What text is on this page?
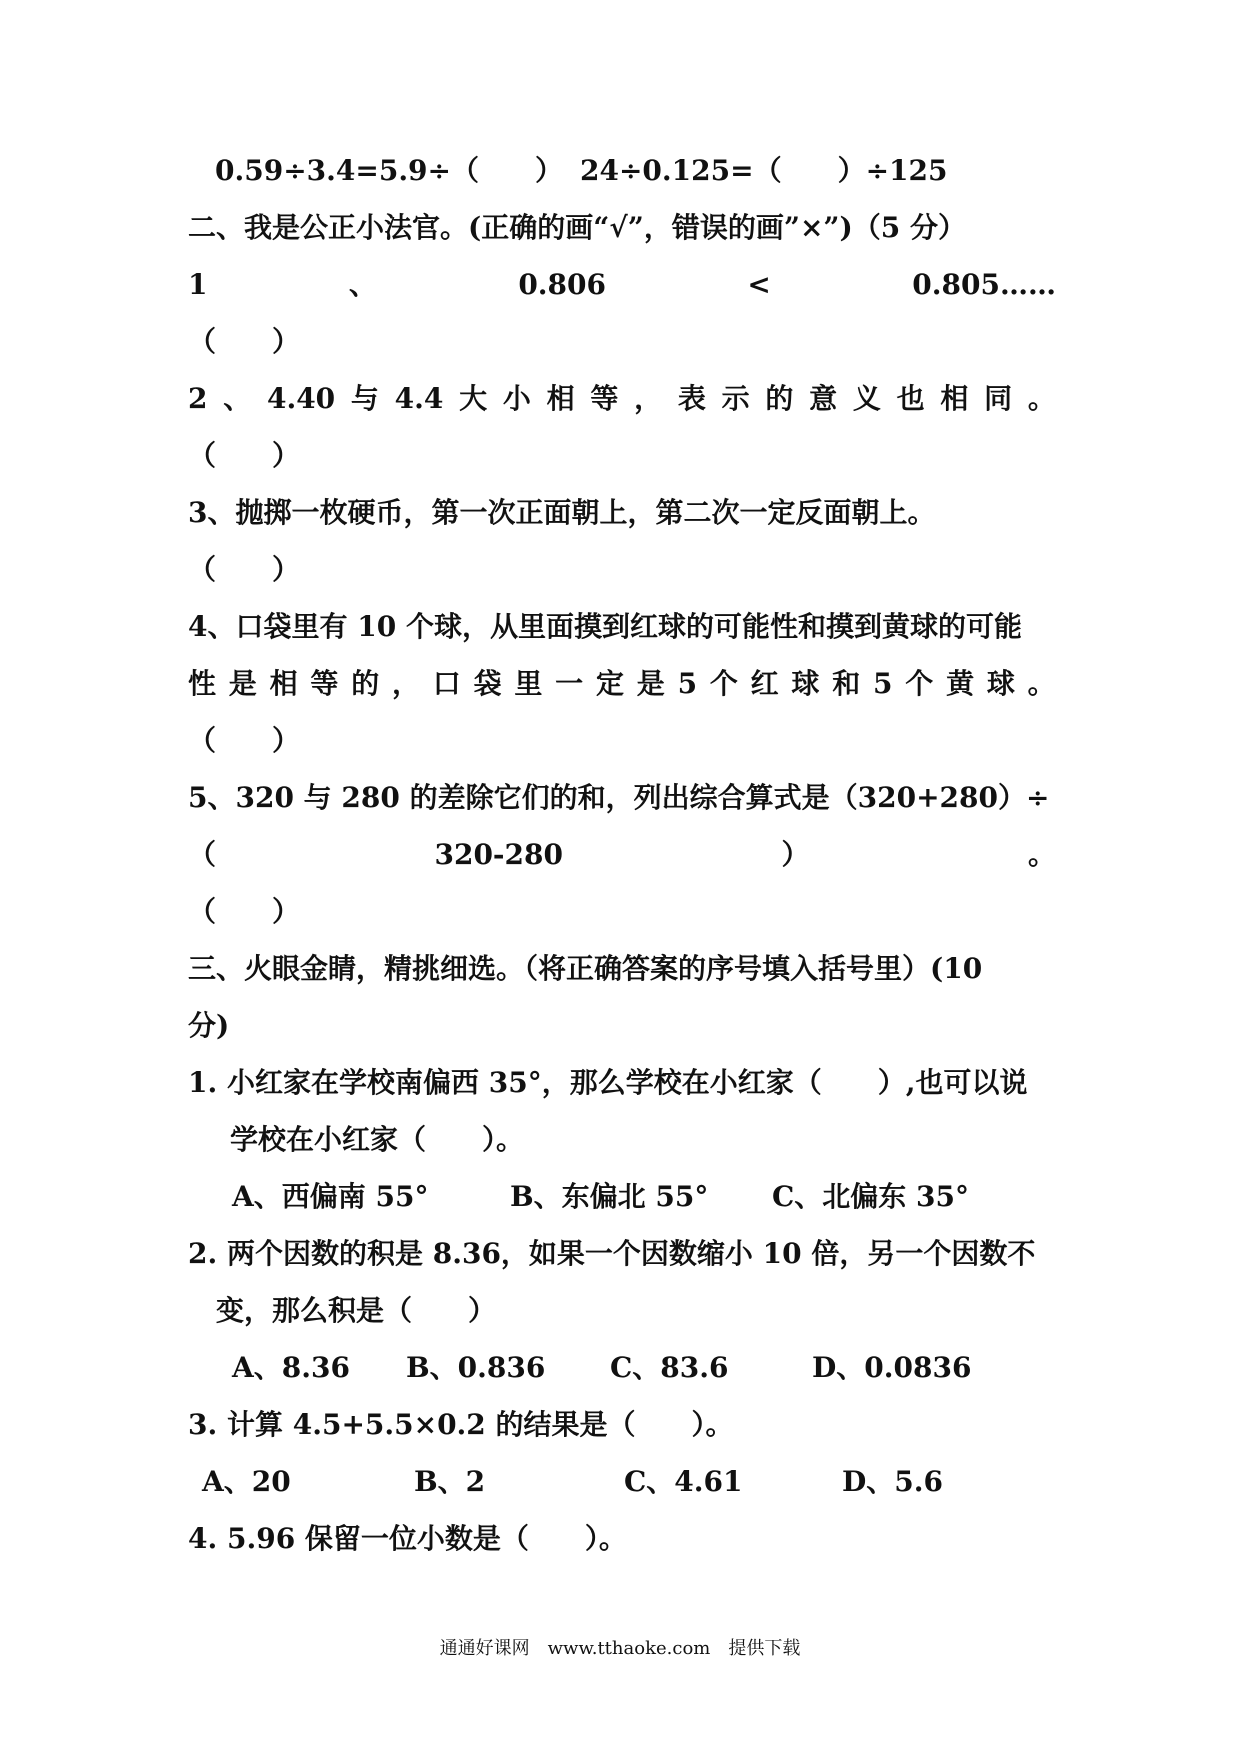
0.59÷3.4=5.9÷（　　） 24÷0.125=（　　）÷125
二、我是公正小法官。(正确的画“√”，错误的画”×”)（5 分）
1	、	0.806	<	0.805……
（　　）
2 、 4.40 与 4.4 大 小 相 等 ， 表 示 的 意 义 也 相 同 。
（　　）
3、抛掷一枚硬币，第一次正面朝上，第二次一定反面朝上。
（　　）
4、口袋里有 10 个球，从里面摸到红球的可能性和摸到黄球的可能
性 是 相 等 的 ， 口 袋 里 一 定 是 5 个 红 球 和 5 个 黄 球 。
（　　）
5、320 与 280 的差除它们的和，列出综合算式是（320+280）÷
（	320-280	）	。
（　　）
三、火眼金睛，精挑细选。（将正确答案的序号填入括号里）(10
分)
1. 小红家在学校南偏西 35°，那么学校在小红家（　　）,也可以说
学校在小红家（　　）。
A、西偏南 55°	B、东偏北 55° C、北偏东 35°
2. 两个因数的积是 8.36，如果一个因数缩小 10 倍，另一个因数不
变，那么积是（　　）
A、8.36 B、0.836 C、83.6	D、0.0836
3. 计算 4.5+5.5×0.2 的结果是（　　）。
A、20	B、2	C、4.61	D、5.6
4. 5.96 保留一位小数是（　　）。
通通好课网　www.tthaoke.com　提供下载
